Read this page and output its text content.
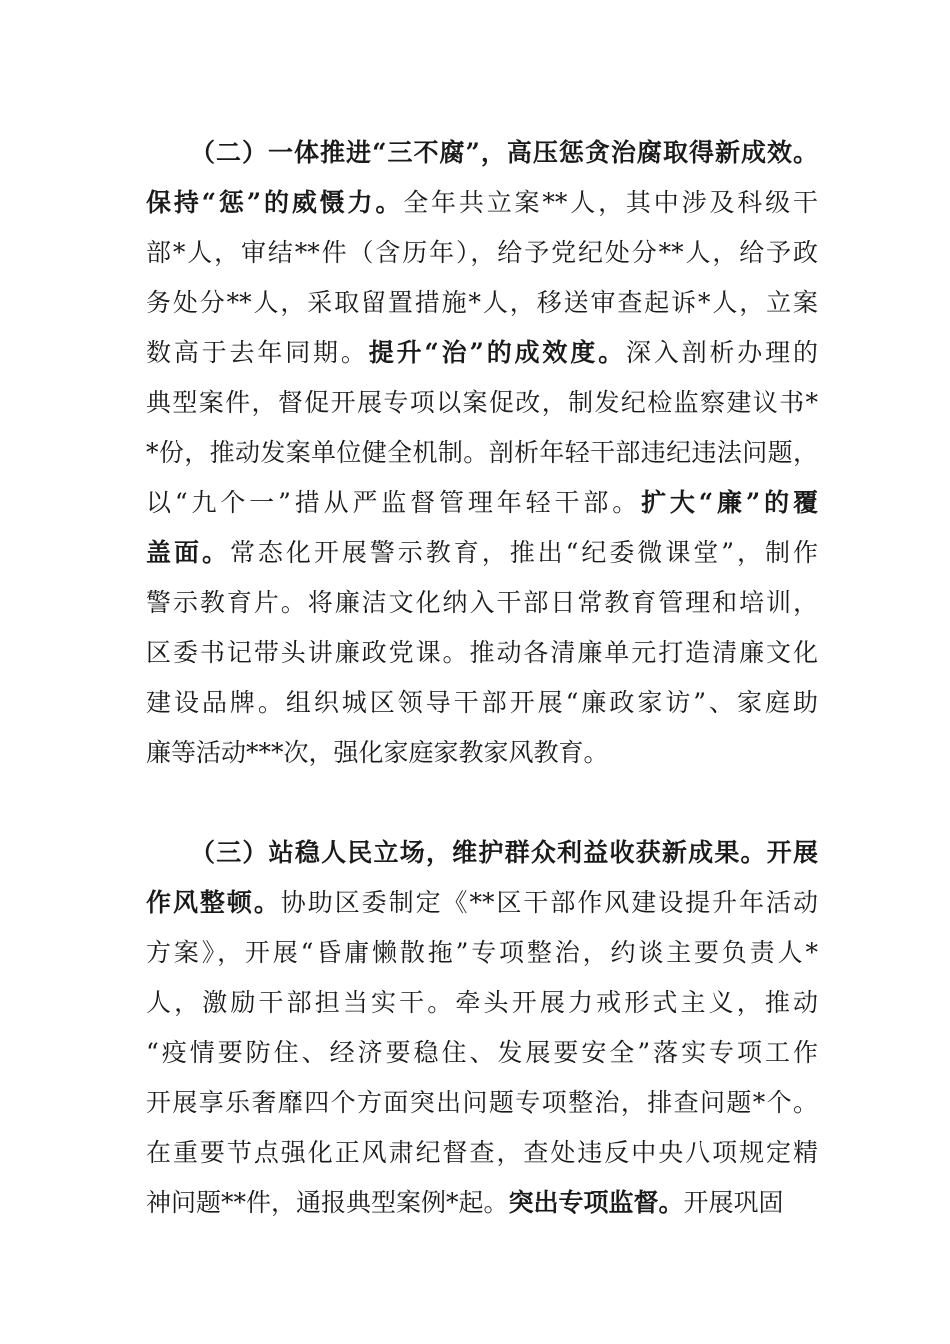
（二）一体推进“三不腐”，高压惩贪治腐取得新成效。
保持“惩”的威慑力。全年共立案**人，其中涉及科级干
部*人，审结**件（含历年），给予党纪处分**人，给予政
务处分**人，采取留置措施*人，移送审查起诉*人，立案
数高于去年同期。提升“治”的成效度。深入剖析办理的
典型案件，督促开展专项以案促改，制发纪检监察建议书*
*份，推动发案单位健全机制。剖析年轻干部违纪违法问题，
以“九个一”措从严监督管理年轻干部。扩大“廉”的覆
盖面。常态化开展警示教育，推出“纪委微课堂”，制作
警示教育片。将廉洁文化纳入干部日常教育管理和培训，
区委书记带头讲廉政党课。推动各清廉单元打造清廉文化
建设品牌。组织城区领导干部开展“廉政家访”、家庭助
廉等活动***次，强化家庭家教家风教育。
（三）站稳人民立场，维护群众利益收获新成果。开展
作风整顿。协助区委制定《**区干部作风建设提升年活动
方案》，开展“昏庸懒散拖”专项整治，约谈主要负责人*
人，激励干部担当实干。牵头开展力戒形式主义，推动
“疫情要防住、经济要稳住、发展要安全”落实专项工作
开展享乐奢靡四个方面突出问题专项整治，排查问题*个。
在重要节点强化正风肃纪督查，查处违反中央八项规定精
神问题**件，通报典型案例*起。突出专项监督。开展巩固
